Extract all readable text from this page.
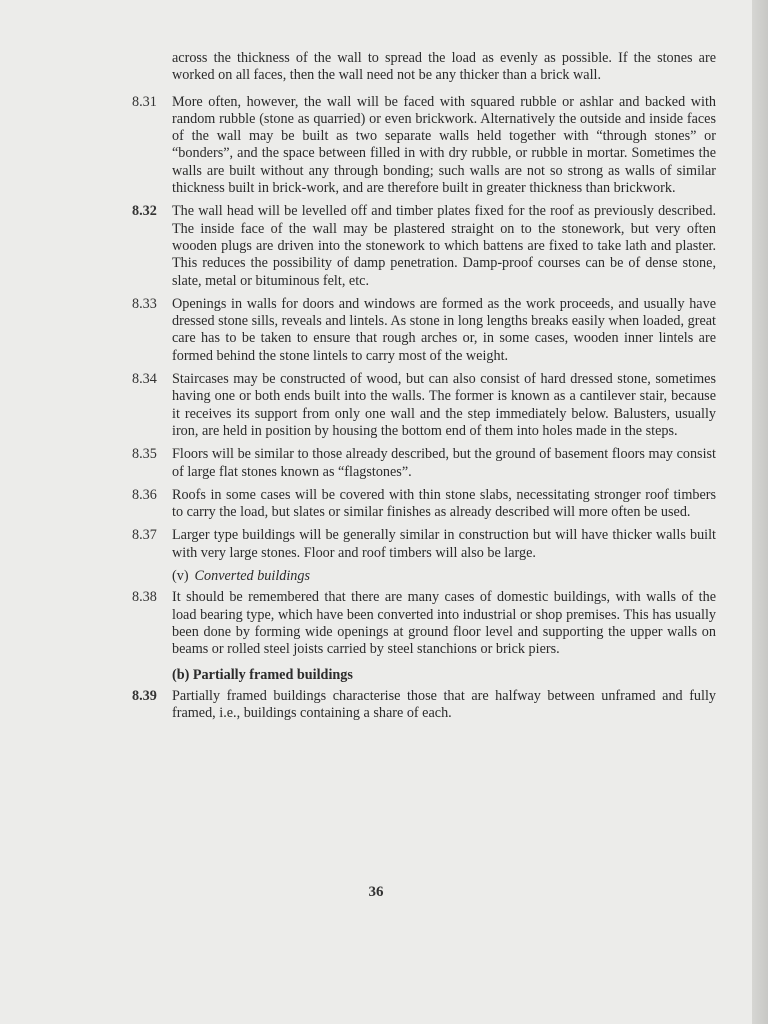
across the thickness of the wall to spread the load as evenly as possible. If the stones are worked on all faces, then the wall need not be any thicker than a brick wall.

8.31	More often, however, the wall will be faced with squared rubble or ashlar and backed with random rubble (stone as quarried) or even brickwork. Alternatively the outside and inside faces of the wall may be built as two separate walls held together with “through stones” or “bonders”, and the space between filled in with dry rubble, or rubble in mortar. Sometimes the walls are built without any through bonding; such walls are not so strong as walls of similar thickness built in brick-work, and are therefore built in greater thickness than brickwork.

8.32	The wall head will be levelled off and timber plates fixed for the roof as previously described. The inside face of the wall may be plastered straight on to the stonework, but very often wooden plugs are driven into the stonework to which battens are fixed to take lath and plaster. This reduces the possibility of damp penetration. Damp-proof courses can be of dense stone, slate, metal or bituminous felt, etc.

8.33	Openings in walls for doors and windows are formed as the work proceeds, and usually have dressed stone sills, reveals and lintels. As stone in long lengths breaks easily when loaded, great care has to be taken to ensure that rough arches or, in some cases, wooden inner lintels are formed behind the stone lintels to carry most of the weight.

8.34	Staircases may be constructed of wood, but can also consist of hard dressed stone, sometimes having one or both ends built into the walls. The former is known as a cantilever stair, because it receives its support from only one wall and the step immediately below. Balusters, usually iron, are held in position by housing the bottom end of them into holes made in the steps.

8.35	Floors will be similar to those already described, but the ground of basement floors may consist of large flat stones known as “flagstones”.

8.36	Roofs in some cases will be covered with thin stone slabs, necessitating stronger roof timbers to carry the load, but slates or similar finishes as already described will more often be used.

8.37	Larger type buildings will be generally similar in construction but will have thicker walls built with very large stones. Floor and roof timbers will also be large.

(v) Converted buildings

8.38	It should be remembered that there are many cases of domestic buildings, with walls of the load bearing type, which have been converted into industrial or shop premises. This has usually been done by forming wide openings at ground floor level and supporting the upper walls on beams or rolled steel joists carried by steel stanchions or brick piers.

(b) Partially framed buildings

8.39	Partially framed buildings characterise those that are halfway between unframed and fully framed, i.e., buildings containing a share of each.

36
